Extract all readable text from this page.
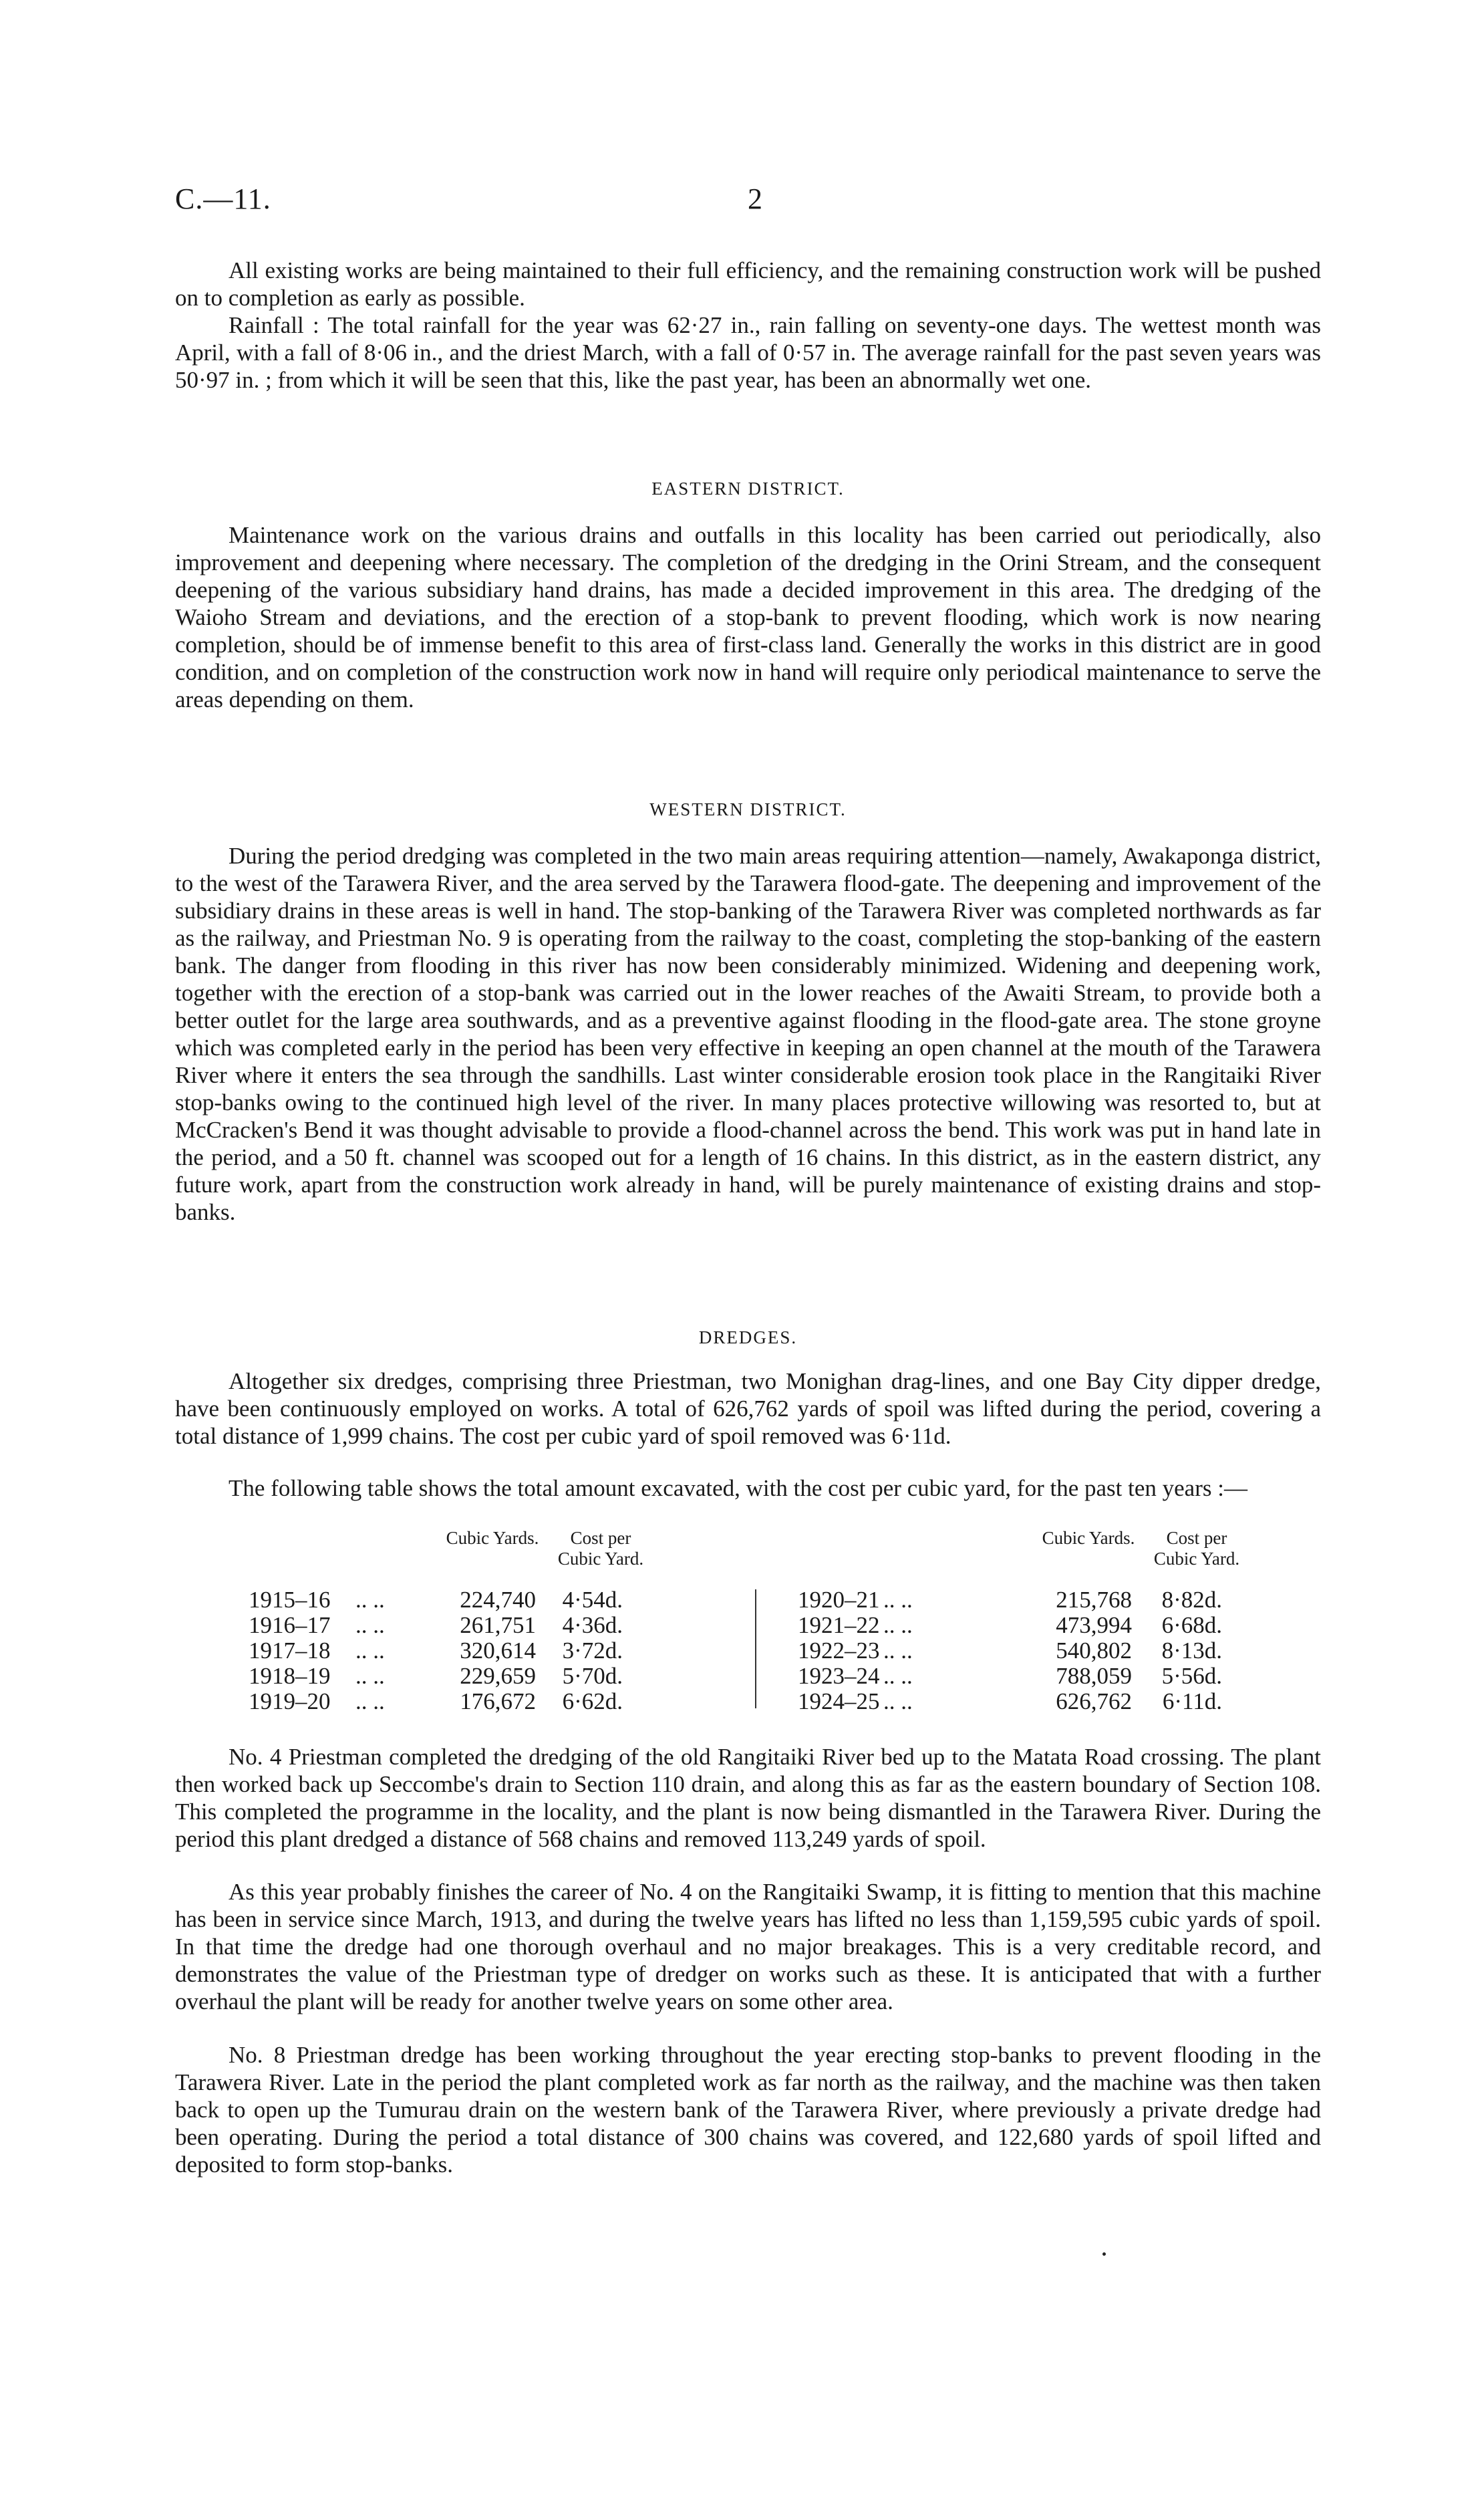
C.—11.	2

All existing works are being maintained to their full efficiency, and the remaining construction work will be pushed on to completion as early as possible.

Rainfall : The total rainfall for the year was 62·27 in., rain falling on seventy-one days. The wettest month was April, with a fall of 8·06 in., and the driest March, with a fall of 0·57 in. The average rainfall for the past seven years was 50·97 in. ; from which it will be seen that this, like the past year, has been an abnormally wet one.

EASTERN DISTRICT.

Maintenance work on the various drains and outfalls in this locality has been carried out periodically, also improvement and deepening where necessary. The completion of the dredging in the Orini Stream, and the consequent deepening of the various subsidiary hand drains, has made a decided improvement in this area. The dredging of the Waioho Stream and deviations, and the erection of a stop-bank to prevent flooding, which work is now nearing completion, should be of immense benefit to this area of first-class land. Generally the works in this district are in good condition, and on completion of the construction work now in hand will require only periodical maintenance to serve the areas depending on them.

WESTERN DISTRICT.

During the period dredging was completed in the two main areas requiring attention—namely, Awakaponga district, to the west of the Tarawera River, and the area served by the Tarawera flood-gate. The deepening and improvement of the subsidiary drains in these areas is well in hand. The stop-banking of the Tarawera River was completed northwards as far as the railway, and Priestman No. 9 is operating from the railway to the coast, completing the stop-banking of the eastern bank. The danger from flooding in this river has now been considerably minimized. Widening and deepening work, together with the erection of a stop-bank was carried out in the lower reaches of the Awaiti Stream, to provide both a better outlet for the large area southwards, and as a preventive against flooding in the flood-gate area. The stone groyne which was completed early in the period has been very effective in keeping an open channel at the mouth of the Tarawera River where it enters the sea through the sandhills. Last winter considerable erosion took place in the Rangitaiki River stop-banks owing to the continued high level of the river. In many places protective willowing was resorted to, but at McCracken's Bend it was thought advisable to provide a flood-channel across the bend. This work was put in hand late in the period, and a 50 ft. channel was scooped out for a length of 16 chains. In this district, as in the eastern district, any future work, apart from the construction work already in hand, will be purely maintenance of existing drains and stop-banks.

DREDGES.

Altogether six dredges, comprising three Priestman, two Monighan drag-lines, and one Bay City dipper dredge, have been continuously employed on works. A total of 626,762 yards of spoil was lifted during the period, covering a total distance of 1,999 chains. The cost per cubic yard of spoil removed was 6·11d.

The following table shows the total amount excavated, with the cost per cubic yard, for the past ten years :—

Cubic Yards.	Cost per Cubic Yard.
Cubic Yards.	Cost per Cubic Yard.
1915–16 .. ..	224,740	4·54d.
1916–17 .. ..	261,751	4·36d.
1917–18 .. ..	320,614	3·72d.
1918–19 .. ..	229,659	5·70d.
1919–20 .. ..	176,672	6·62d.
1920–21 .. ..	215,768	8·82d.
1921–22 .. ..	473,994	6·68d.
1922–23 .. ..	540,802	8·13d.
1923–24 .. ..	788,059	5·56d.
1924–25 .. ..	626,762	6·11d.

No. 4 Priestman completed the dredging of the old Rangitaiki River bed up to the Matata Road crossing. The plant then worked back up Seccombe's drain to Section 110 drain, and along this as far as the eastern boundary of Section 108. This completed the programme in the locality, and the plant is now being dismantled in the Tarawera River. During the period this plant dredged a distance of 568 chains and removed 113,249 yards of spoil.

As this year probably finishes the career of No. 4 on the Rangitaiki Swamp, it is fitting to mention that this machine has been in service since March, 1913, and during the twelve years has lifted no less than 1,159,595 cubic yards of spoil. In that time the dredge had one thorough overhaul and no major breakages. This is a very creditable record, and demonstrates the value of the Priestman type of dredger on works such as these. It is anticipated that with a further overhaul the plant will be ready for another twelve years on some other area.

No. 8 Priestman dredge has been working throughout the year erecting stop-banks to prevent flooding in the Tarawera River. Late in the period the plant completed work as far north as the railway, and the machine was then taken back to open up the Tumurau drain on the western bank of the Tarawera River, where previously a private dredge had been operating. During the period a total distance of 300 chains was covered, and 122,680 yards of spoil lifted and deposited to form stop-banks.
